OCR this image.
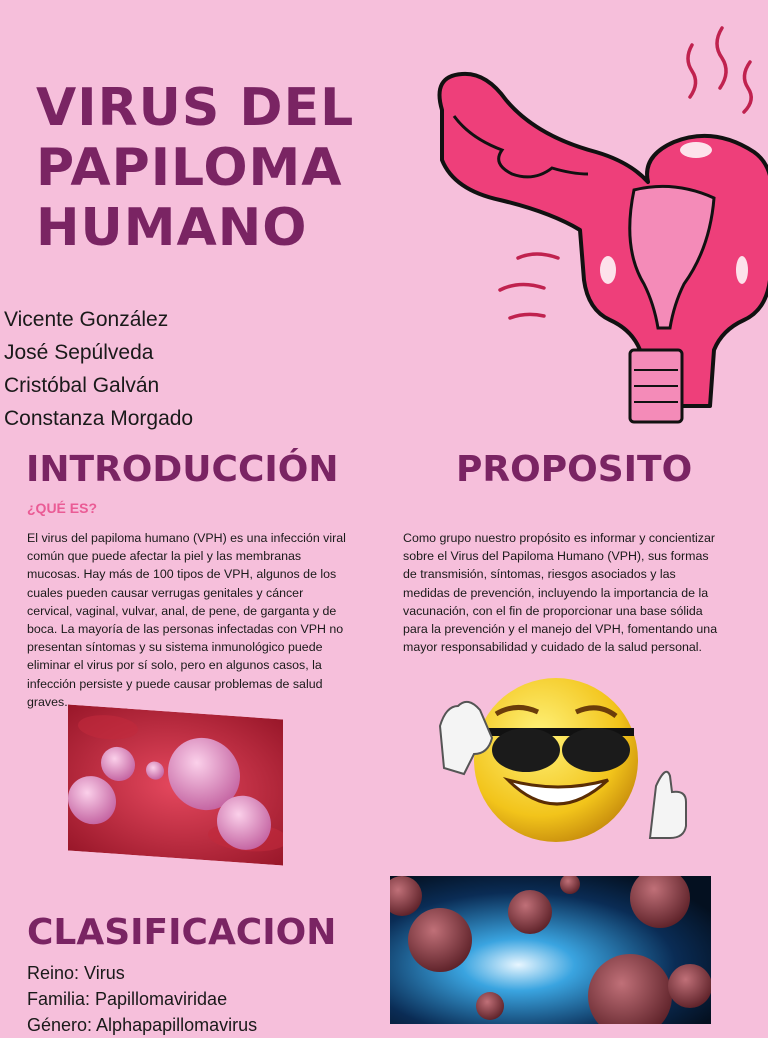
VIRUS DEL
PAPILOMA
HUMANO
Vicente González
José Sepúlveda
Cristóbal Galván
Constanza Morgado
INTRODUCCIÓN
¿QUÉ ES?

El virus del papiloma humano (VPH) es una infección viral común que puede afectar la piel y las membranas mucosas. Hay más de 100 tipos de VPH, algunos de los cuales pueden causar verrugas genitales y cáncer cervical, vaginal, vulvar, anal, de pene, de garganta y de boca. La mayoría de las personas infectadas con VPH no presentan síntomas y su sistema inmunológico puede eliminar el virus por sí solo, pero en algunos casos, la infección persiste y puede causar problemas de salud graves.

PROPOSITO

Como grupo nuestro propósito es informar y concientizar sobre el Virus del Papiloma Humano (VPH), sus formas de transmisión, síntomas, riesgos asociados y las medidas de prevención, incluyendo la importancia de la vacunación, con el fin de proporcionar una base sólida para la prevención y el manejo del VPH, fomentando una mayor responsabilidad y cuidado de la salud personal.

CLASIFICACION
Reino: Virus
Familia: Papillomaviridae
Género: Alphapapillomavirus
